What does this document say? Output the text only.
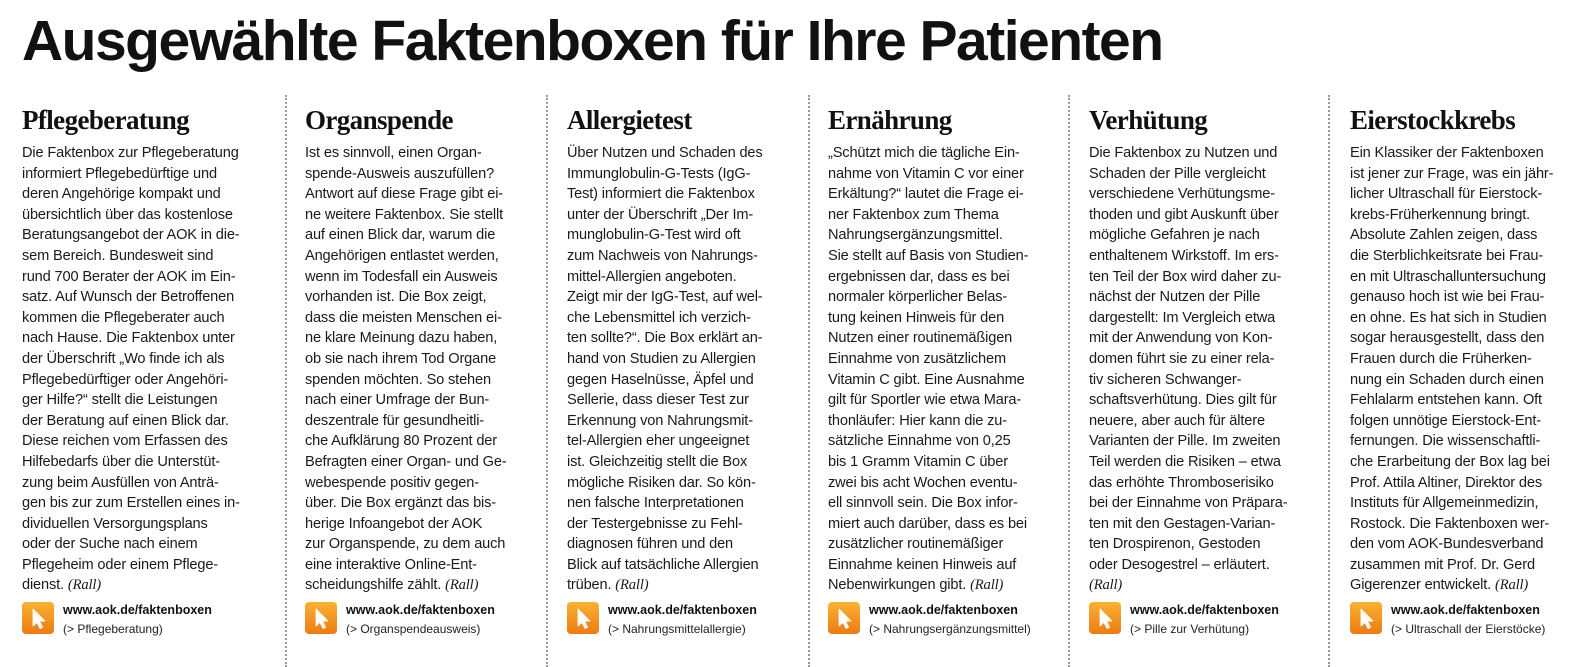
Ausgewählte Faktenboxen für Ihre Patienten
Pflegeberatung
Die Faktenbox zur Pflegeberatung
informiert Pflegebedürftige und
deren Angehörige kompakt und
übersichtlich über das kostenlose
Beratungsangebot der AOK in die-
sem Bereich. Bundesweit sind
rund 700 Berater der AOK im Ein-
satz. Auf Wunsch der Betroffenen
kommen die Pflegeberater auch
nach Hause. Die Faktenbox unter
der Überschrift „Wo finde ich als
Pflegebedürftiger oder Angehöri-
ger Hilfe?“ stellt die Leistungen
der Beratung auf einen Blick dar.
Diese reichen vom Erfassen des
Hilfebedarfs über die Unterstüt-
zung beim Ausfüllen von Anträ-
gen bis zur zum Erstellen eines in-
dividuellen Versorgungsplans
oder der Suche nach einem
Pflegeheim oder einem Pflege-
dienst. (Rall)
www.aok.de/faktenboxen
(> Pflegeberatung)
Organspende
Ist es sinnvoll, einen Organ-
spende-Ausweis auszufüllen?
Antwort auf diese Frage gibt ei-
ne weitere Faktenbox. Sie stellt
auf einen Blick dar, warum die
Angehörigen entlastet werden,
wenn im Todesfall ein Ausweis
vorhanden ist. Die Box zeigt,
dass die meisten Menschen ei-
ne klare Meinung dazu haben,
ob sie nach ihrem Tod Organe
spenden möchten. So stehen
nach einer Umfrage der Bun-
deszentrale für gesundheitli-
che Aufklärung 80 Prozent der
Befragten einer Organ- und Ge-
webespende positiv gegen-
über. Die Box ergänzt das bis-
herige Infoangebot der AOK
zur Organspende, zu dem auch
eine interaktive Online-Ent-
scheidungshilfe zählt. (Rall)
www.aok.de/faktenboxen
(> Organspendeausweis)
Allergietest
Über Nutzen und Schaden des
Immunglobulin-G-Tests (IgG-
Test) informiert die Faktenbox
unter der Überschrift „Der Im-
munglobulin-G-Test wird oft
zum Nachweis von Nahrungs-
mittel-Allergien angeboten.
Zeigt mir der IgG-Test, auf wel-
che Lebensmittel ich verzich-
ten sollte?“. Die Box erklärt an-
hand von Studien zu Allergien
gegen Haselnüsse, Äpfel und
Sellerie, dass dieser Test zur
Erkennung von Nahrungsmit-
tel-Allergien eher ungeeignet
ist. Gleichzeitig stellt die Box
mögliche Risiken dar. So kön-
nen falsche Interpretationen
der Testergebnisse zu Fehl-
diagnosen führen und den
Blick auf tatsächliche Allergien
trüben. (Rall)
www.aok.de/faktenboxen
(> Nahrungsmittelallergie)
Ernährung
„Schützt mich die tägliche Ein-
nahme von Vitamin C vor einer
Erkältung?“ lautet die Frage ei-
ner Faktenbox zum Thema
Nahrungsergänzungsmittel.
Sie stellt auf Basis von Studien-
ergebnissen dar, dass es bei
normaler körperlicher Belas-
tung keinen Hinweis für den
Nutzen einer routinemäßigen
Einnahme von zusätzlichem
Vitamin C gibt. Eine Ausnahme
gilt für Sportler wie etwa Mara-
thonläufer: Hier kann die zu-
sätzliche Einnahme von 0,25
bis 1 Gramm Vitamin C über
zwei bis acht Wochen eventu-
ell sinnvoll sein. Die Box infor-
miert auch darüber, dass es bei
zusätzlicher routinemäßiger
Einnahme keinen Hinweis auf
Nebenwirkungen gibt. (Rall)
www.aok.de/faktenboxen
(> Nahrungsergänzungsmittel)
Verhütung
Die Faktenbox zu Nutzen und
Schaden der Pille vergleicht
verschiedene Verhütungsme-
thoden und gibt Auskunft über
mögliche Gefahren je nach
enthaltenem Wirkstoff. Im ers-
ten Teil der Box wird daher zu-
nächst der Nutzen der Pille
dargestellt: Im Vergleich etwa
mit der Anwendung von Kon-
domen führt sie zu einer rela-
tiv sicheren Schwanger-
schaftsverhütung. Dies gilt für
neuere, aber auch für ältere
Varianten der Pille. Im zweiten
Teil werden die Risiken – etwa
das erhöhte Thromboserisiko
bei der Einnahme von Präpara-
ten mit den Gestagen-Varian-
ten Drospirenon, Gestoden
oder Desogestrel – erläutert.
(Rall)
www.aok.de/faktenboxen
(> Pille zur Verhütung)
Eierstockkrebs
Ein Klassiker der Faktenboxen
ist jener zur Frage, was ein jähr-
licher Ultraschall für Eierstock-
krebs-Früherkennung bringt.
Absolute Zahlen zeigen, dass
die Sterblichkeitsrate bei Frau-
en mit Ultraschalluntersuchung
genauso hoch ist wie bei Frau-
en ohne. Es hat sich in Studien
sogar herausgestellt, dass den
Frauen durch die Früherken-
nung ein Schaden durch einen
Fehlalarm entstehen kann. Oft
folgen unnötige Eierstock-Ent-
fernungen. Die wissenschaftli-
che Erarbeitung der Box lag bei
Prof. Attila Altiner, Direktor des
Instituts für Allgemeinmedizin,
Rostock. Die Faktenboxen wer-
den vom AOK-Bundesverband
zusammen mit Prof. Dr. Gerd
Gigerenzer entwickelt. (Rall)
www.aok.de/faktenboxen
(> Ultraschall der Eierstöcke)
